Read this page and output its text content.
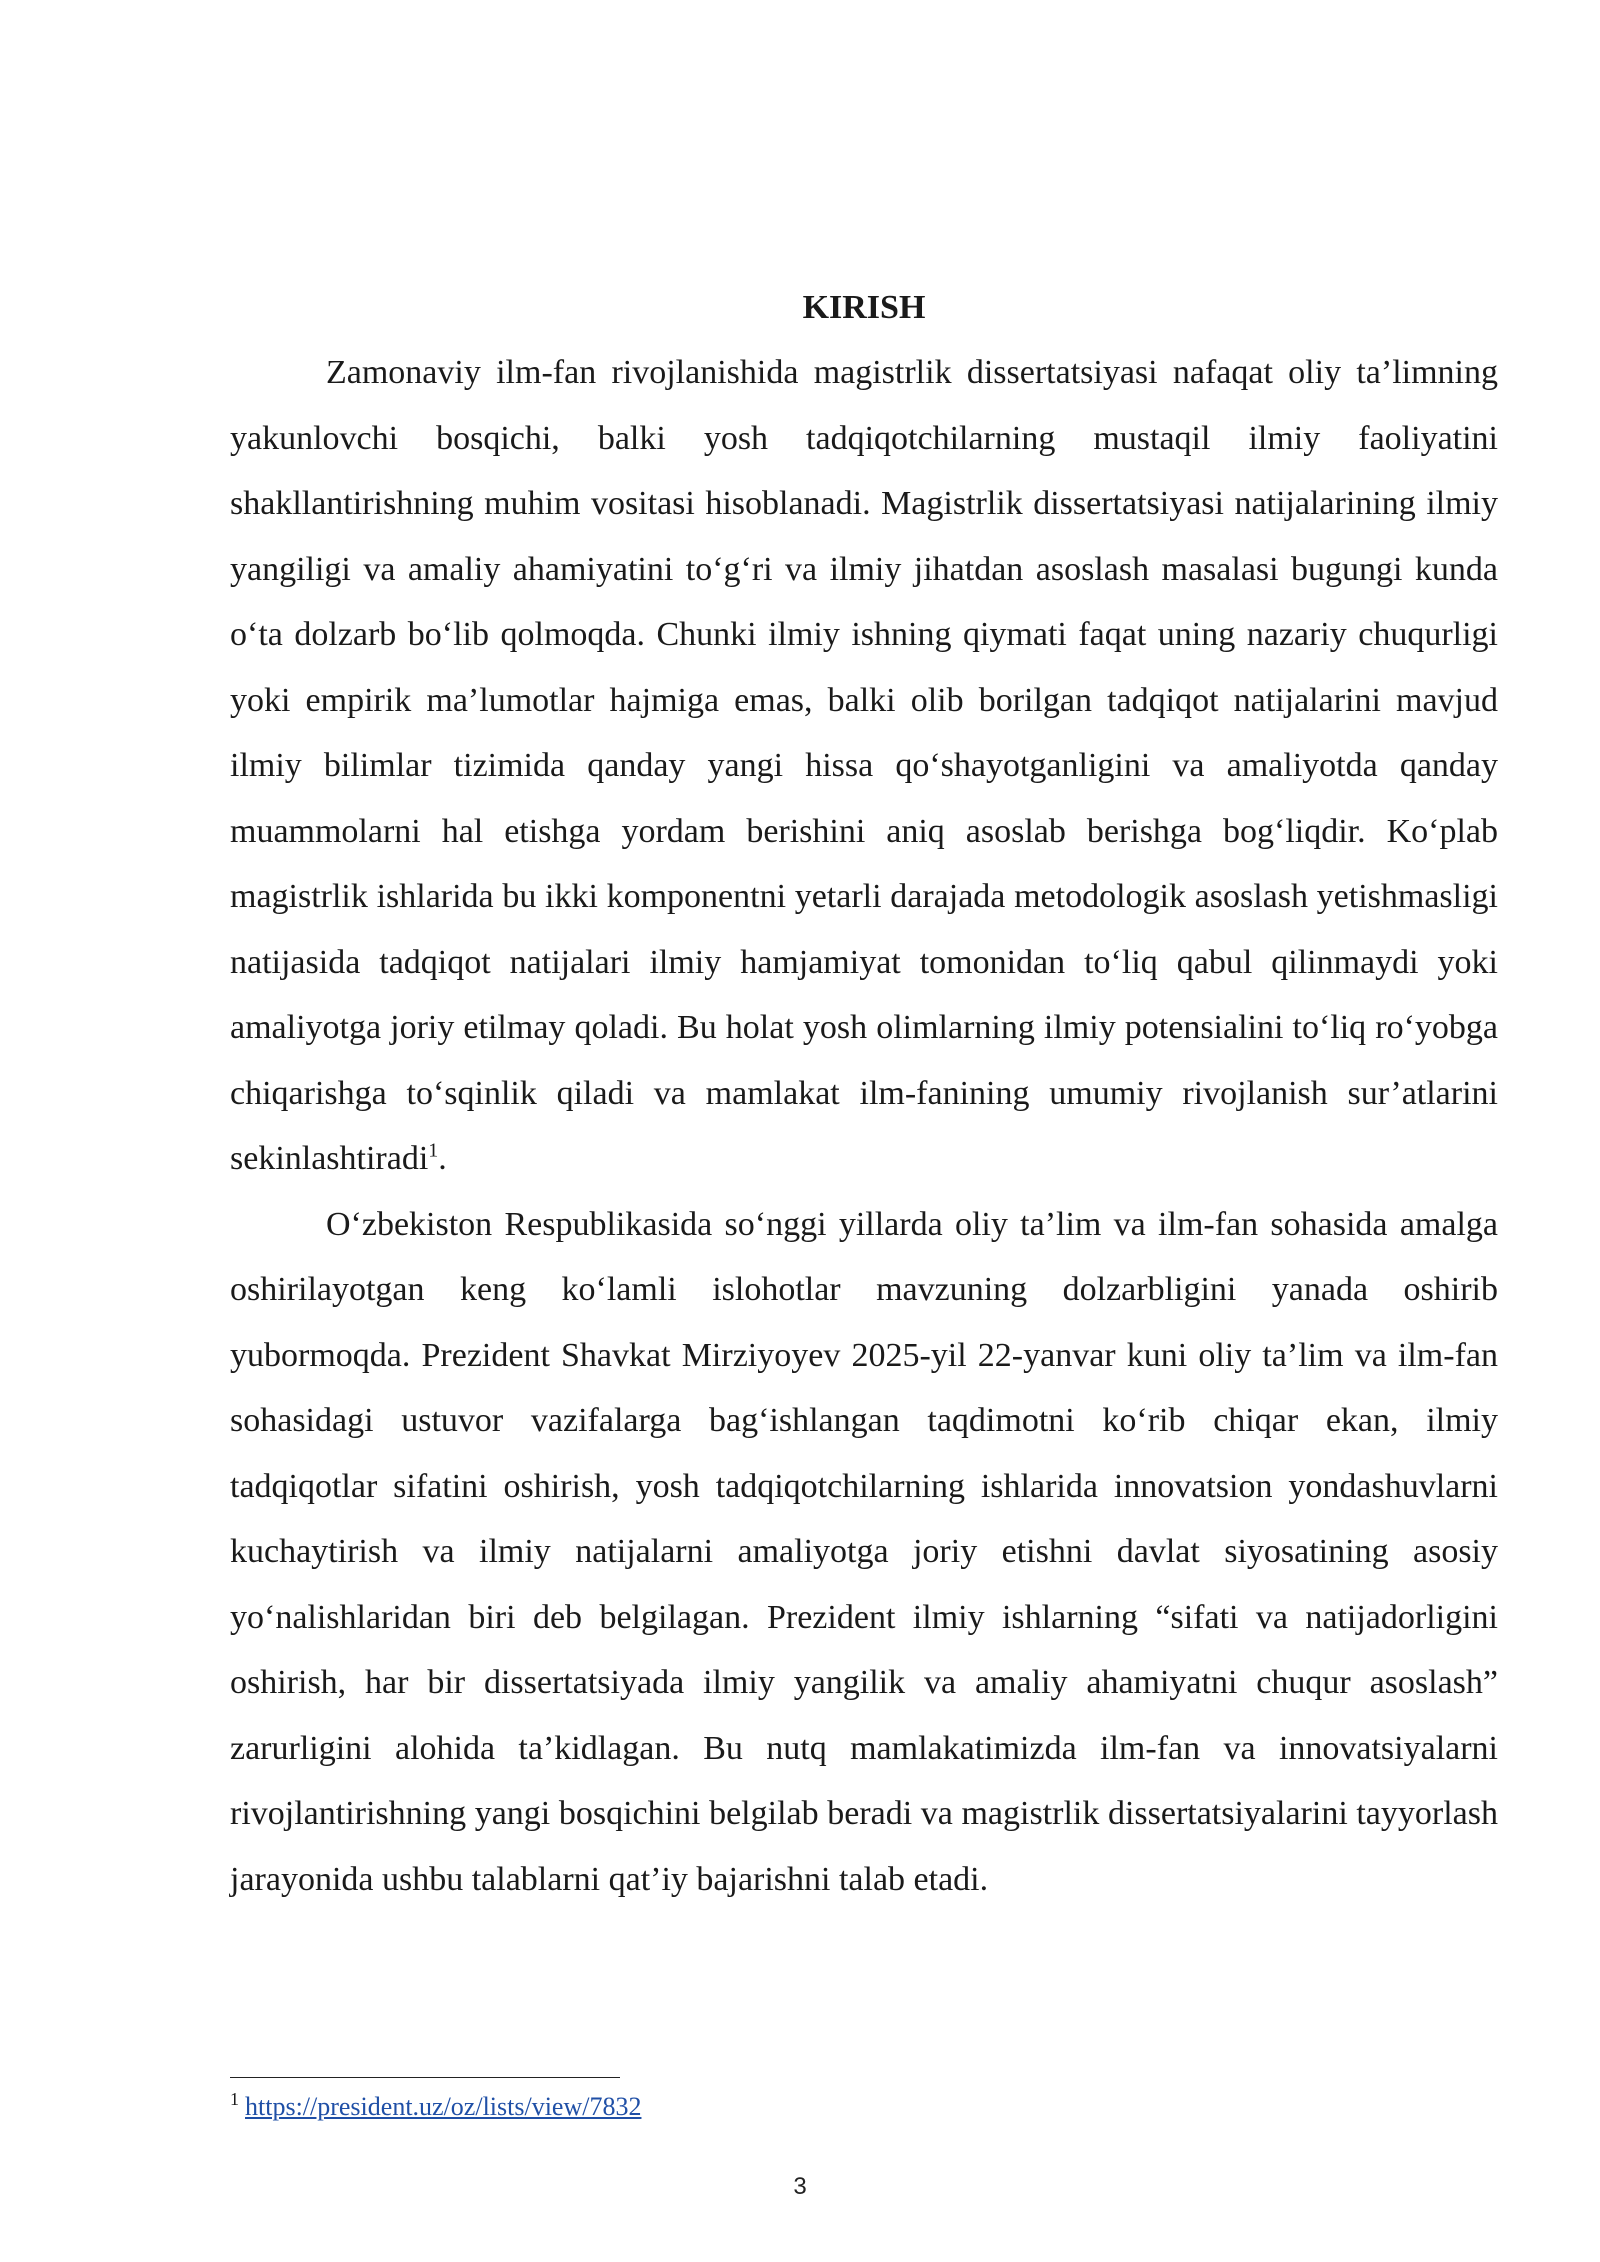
KIRISH

Zamonaviy ilm-fan rivojlanishida magistrlik dissertatsiyasi nafaqat oliy ta’limning yakunlovchi bosqichi, balki yosh tadqiqotchilarning mustaqil ilmiy faoliyatini shakllantirishning muhim vositasi hisoblanadi. Magistrlik dissertatsiyasi natijalarining ilmiy yangiligi va amaliy ahamiyatini to‘g‘ri va ilmiy jihatdan asoslash masalasi bugungi kunda o‘ta dolzarb bo‘lib qolmoqda. Chunki ilmiy ishning qiymati faqat uning nazariy chuqurligi yoki empirik ma’lumotlar hajmiga emas, balki olib borilgan tadqiqot natijalarini mavjud ilmiy bilimlar tizimida qanday yangi hissa qo‘shayotganligini va amaliyotda qanday muammolarni hal etishga yordam berishini aniq asoslab berishga bog‘liqdir. Ko‘plab magistrlik ishlarida bu ikki komponentni yetarli darajada metodologik asoslash yetishmasligi natijasida tadqiqot natijalari ilmiy hamjamiyat tomonidan to‘liq qabul qilinmaydi yoki amaliyotga joriy etilmay qoladi. Bu holat yosh olimlarning ilmiy potensialini to‘liq ro‘yobga chiqarishga to‘sqinlik qiladi va mamlakat ilm-fanining umumiy rivojlanish sur’atlarini sekinlashtiradi$^1$.

O‘zbekiston Respublikasida so‘nggi yillarda oliy ta’lim va ilm-fan sohasida amalga oshirilayotgan keng ko‘lamli islohotlar mavzuning dolzarbligini yanada oshirib yubormoqda. Prezident Shavkat Mirziyoyev 2025-yil 22-yanvar kuni oliy ta’lim va ilm-fan sohasidagi ustuvor vazifalarga bag‘ishlangan taqdimotni ko‘rib chiqar ekan, ilmiy tadqiqotlar sifatini oshirish, yosh tadqiqotchilarning ishlarida innovatsion yondashuvlarni kuchaytirish va ilmiy natijalarni amaliyotga joriy etishni davlat siyosatining asosiy yo‘nalishlaridan biri deb belgilagan. Prezident ilmiy ishlarning “sifati va natijadorligini oshirish, har bir dissertatsiyada ilmiy yangilik va amaliy ahamiyatni chuqur asoslash” zarurligini alohida ta’kidlagan. Bu nutq mamlakatimizda ilm-fan va innovatsiyalarni rivojlantirishning yangi bosqichini belgilab beradi va magistrlik dissertatsiyalarini tayyorlash jarayonida ushbu talablarni qat’iy bajarishni talab etadi.

$^1$ https://president.uz/oz/lists/view/7832

3
